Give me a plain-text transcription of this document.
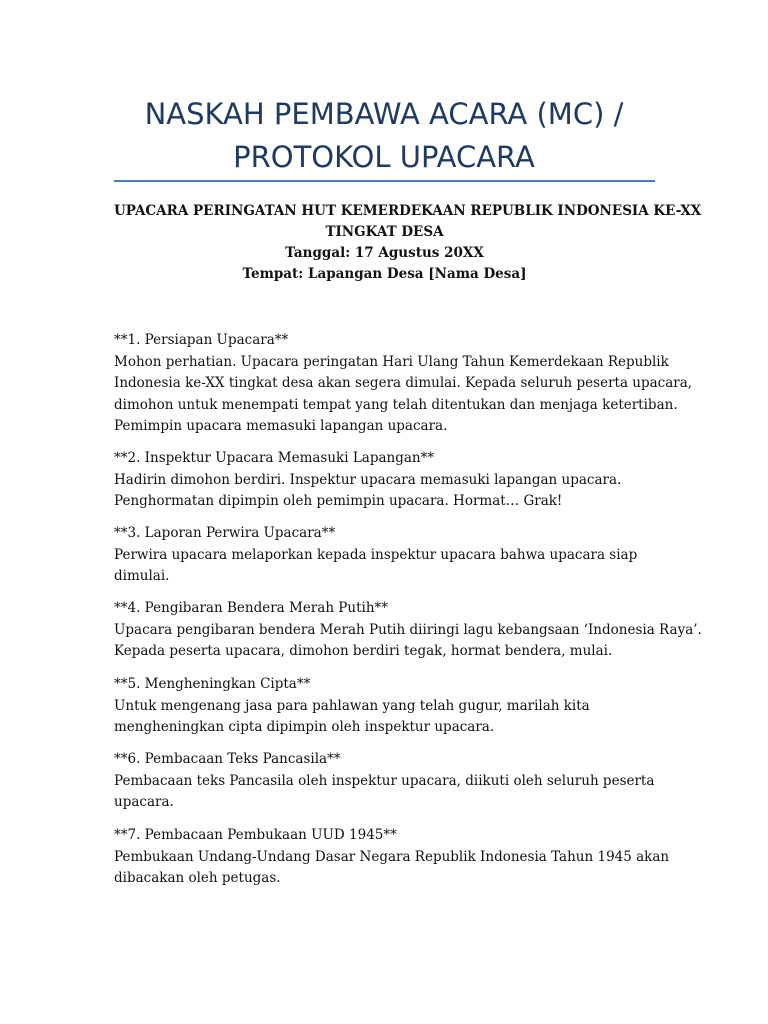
NASKAH PEMBAWA ACARA (MC) /
PROTOKOL UPACARA
UPACARA PERINGATAN HUT KEMERDEKAAN REPUBLIK INDONESIA KE-XX
TINGKAT DESA
Tanggal: 17 Agustus 20XX
Tempat: Lapangan Desa [Nama Desa]
**1. Persiapan Upacara**
Mohon perhatian. Upacara peringatan Hari Ulang Tahun Kemerdekaan Republik
Indonesia ke-XX tingkat desa akan segera dimulai. Kepada seluruh peserta upacara,
dimohon untuk menempati tempat yang telah ditentukan dan menjaga ketertiban.
Pemimpin upacara memasuki lapangan upacara.
**2. Inspektur Upacara Memasuki Lapangan**
Hadirin dimohon berdiri. Inspektur upacara memasuki lapangan upacara.
Penghormatan dipimpin oleh pemimpin upacara. Hormat… Grak!
**3. Laporan Perwira Upacara**
Perwira upacara melaporkan kepada inspektur upacara bahwa upacara siap
dimulai.
**4. Pengibaran Bendera Merah Putih**
Upacara pengibaran bendera Merah Putih diiringi lagu kebangsaan ‘Indonesia Raya’.
Kepada peserta upacara, dimohon berdiri tegak, hormat bendera, mulai.
**5. Mengheningkan Cipta**
Untuk mengenang jasa para pahlawan yang telah gugur, marilah kita
mengheningkan cipta dipimpin oleh inspektur upacara.
**6. Pembacaan Teks Pancasila**
Pembacaan teks Pancasila oleh inspektur upacara, diikuti oleh seluruh peserta
upacara.
**7. Pembacaan Pembukaan UUD 1945**
Pembukaan Undang-Undang Dasar Negara Republik Indonesia Tahun 1945 akan
dibacakan oleh petugas.
